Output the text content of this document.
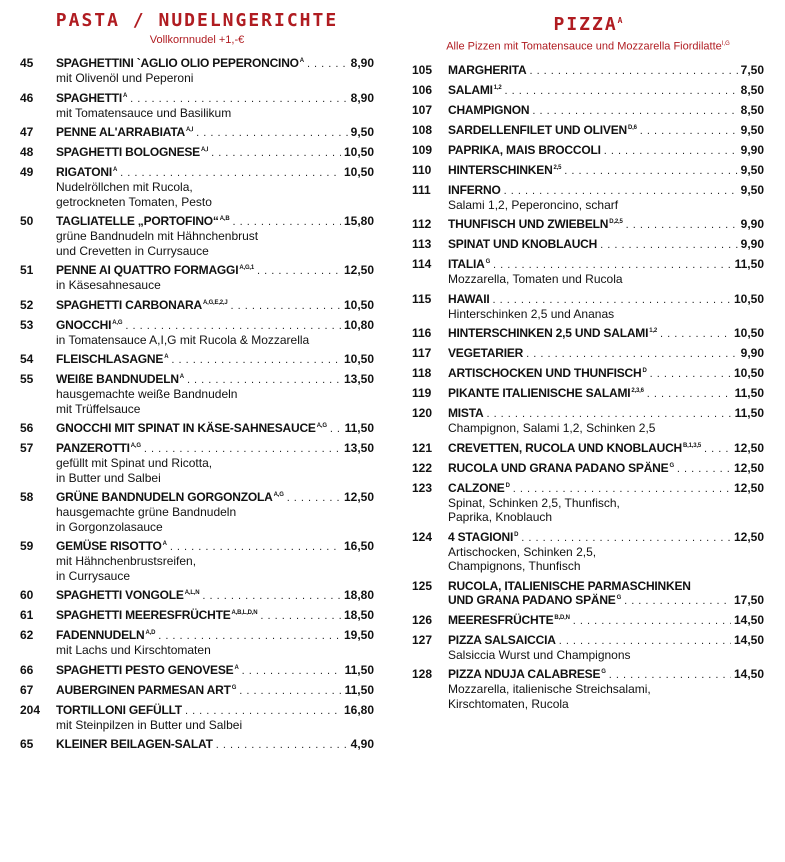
PASTA / NUDELNGERICHTE
Vollkornnudel +1,-€
45	SPAGHETTINI `AGLIO OLIO $PEPERONCINO^A$ . . .	8,90
mit Olivenöl und Peperoni
46	$SPAGHETTI^A$ . . .	8,90
mit Tomatensauce und Basilikum
47	PENNE $AL'ARRABIATA^{A,I}$ . . .	9,50
48	SPAGHETTI $BOLOGNESE^{A,I}$ . . .	10,50
49	$RIGATONI^A$ . . .	10,50
Nudelröllchen mit Rucola,
getrockneten Tomaten, Pesto
50	TAGLIATELLE „PORTOFINO“$^{A,B}$ . . .	15,80
grüne Bandnudeln mit Hähnchenbrust
und Crevetten in Currysauce
51	PENNE AI QUATTRO $FORMAGGI^{A,G,1}$ . . .	12,50
in Käsesahnesauce
52	SPAGHETTI $CARBONARA^{A,G,E,2,J}$ . . .	10,50
53	$GNOCCHI^{A,G}$ . . .	10,80
in Tomatensauce A,I,G mit Rucola & Mozzarella
54	$FLEISCHLASAGNE^A$ . . .	10,50
55	WEIßE $BANDNUDELN^A$ . . .	13,50
hausgemachte weiße Bandnudeln
mit Trüffelsauce
56	GNOCCHI MIT SPINAT IN KÄSE-$SAHNESAUCE^{A,G}$ . . . 11,50
57	$PANZEROTTI^{A,G}$ . . .	13,50
gefüllt mit Spinat und Ricotta,
in Butter und Salbei
58	GRÜNE BANDNUDELN $GORGONZOLA^{A,G}$ . . .	12,50
hausgemachte grüne Bandnudeln
in Gorgonzolasauce
59	GEMÜSE $RISOTTO^A$ . . .	16,50
mit Hähnchenbrustsreifen,
in Currysauce
60	SPAGHETTI $VONGOLE^{A,L,N}$ . . .	18,80
61	SPAGHETTI $MEERESFRÜCHTE^{A,B,L,D,N}$ . . .	18,50
62	$FADENNUDELN^{A,D}$ . . .	19,50
mit Lachs und Kirschtomaten
66	SPAGHETTI PESTO $GENOVESE^A$ . . .	11,50
67	AUBERGINEN PARMESAN $ART^G$ . . .	11,50
204	TORTILLONI GEFÜLLT . . .	16,80
mit Steinpilzen in Butter und Salbei
65	KLEINER BEILAGEN-SALAT . . .	4,90
$PIZZA^A$
Alle Pizzen mit Tomatensauce und Mozzarella Fiordilatte$^{I,G}$
105	MARGHERITA . . .	7,50
106	SALAMI$^{1,2}$ . . .	8,50
107	CHAMPIGNON . . .	8,50
108	SARDELLENFILET UND $OLIVEN^{D,6}$ . . .	9,50
109	PAPRIKA, MAIS BROCCOLI . . .	9,90
110	HINTERSCHINKEN$^{2,5}$ . . .	9,50
111	INFERNO . . .	9,50
Salami 1,2, Peperoncino, scharf
112	THUNFISCH UND $ZWIEBELN^{D,2,5}$ . . .	9,90
113	SPINAT UND KNOBLAUCH . . .	9,90
114	$ITALIA^G$ . . .	11,50
Mozzarella, Tomaten und Rucola
115	HAWAII . . .	10,50
Hinterschinken 2,5 und Ananas
116	HINTERSCHINKEN 2,5 UND SALAMI$^{1,2}$ . . .	10,50
117	VEGETARIER . . .	9,90
118	ARTISCHOCKEN UND $THUNFISCH^D$ . . .	10,50
119	PIKANTE ITALIENISCHE SALAMI$^{2,3,6}$ . . .	11,50
120	MISTA . . .	11,50
Champignon, Salami 1,2, Schinken 2,5
121	CREVETTEN, RUCOLA UND $KNOBLAUCH^{B,1,3,5}$ . . .	12,50
122	RUCOLA UND GRANA PADANO $SPÄNE^G$ . . .	12,50
123	$CALZONE^D$ . . .	12,50
Spinat, Schinken 2,5, Thunfisch,
Paprika, Knoblauch
124	4 $STAGIONI^D$ . . .	12,50
Artischocken, Schinken 2,5,
Champignons, Thunfisch
125	RUCOLA, ITALIENISCHE PARMASCHINKEN
UND GRANA PADANO $SPÄNE^G$ . . .	17,50
126	$MEERESFRÜCHTE^{B,D,N}$ . . .	14,50
127	PIZZA SALSAICCIA . . .	14,50
Salsiccia Wurst und Champignons
128	PIZZA NDUJA $CALABRESE^G$ . . .	14,50
Mozzarella, italienische Streichsalami,
Kirschtomaten, Rucola
